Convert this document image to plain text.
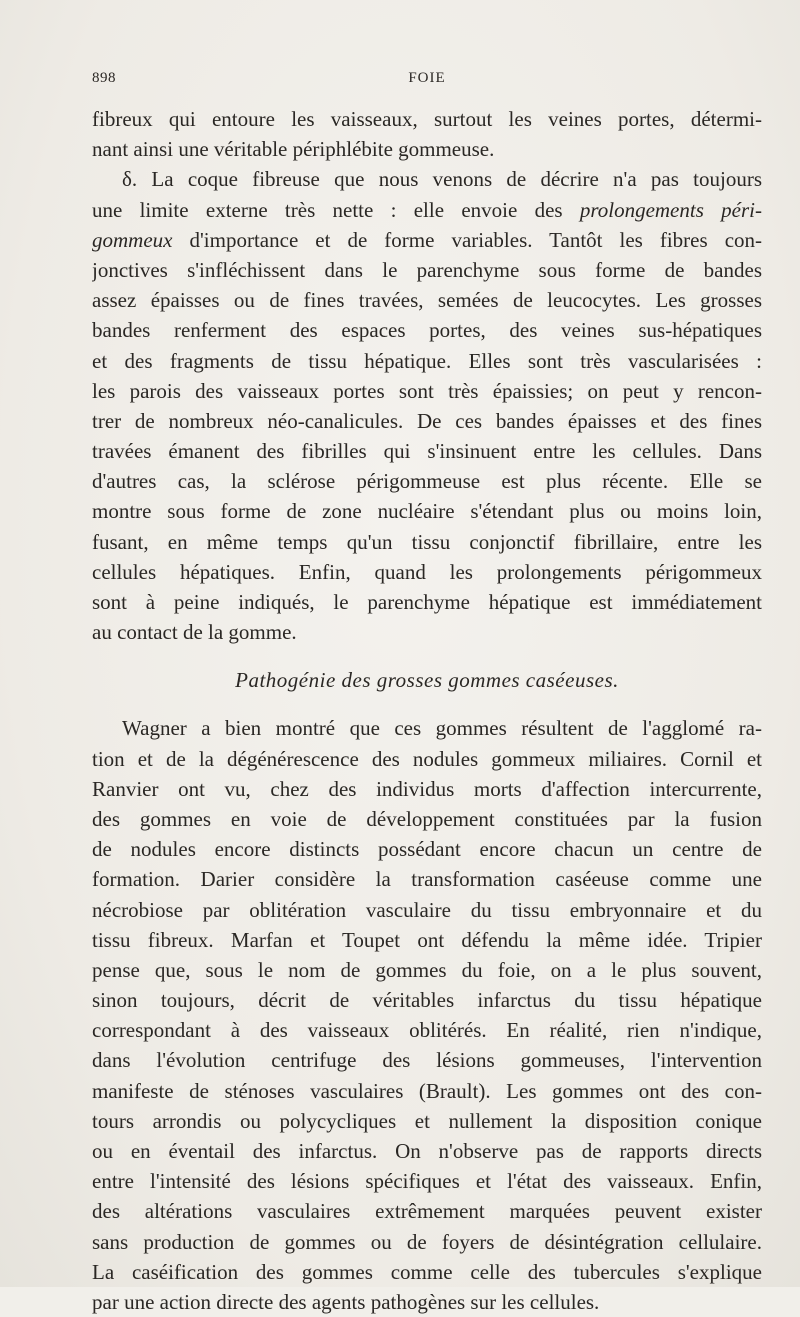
898	FOIE
fibreux qui entoure les vaisseaux, surtout les veines portes, détermi-
nant ainsi une véritable périphlébite gommeuse.
δ. La coque fibreuse que nous venons de décrire n'a pas toujours
une limite externe très nette : elle envoie des prolongements péri-
gommeux d'importance et de forme variables. Tantôt les fibres con-
jonctives s'infléchissent dans le parenchyme sous forme de bandes
assez épaisses ou de fines travées, semées de leucocytes. Les grosses
bandes renferment des espaces portes, des veines sus-hépatiques
et des fragments de tissu hépatique. Elles sont très vascularisées :
les parois des vaisseaux portes sont très épaissies; on peut y rencon-
trer de nombreux néo-canalicules. De ces bandes épaisses et des fines
travées émanent des fibrilles qui s'insinuent entre les cellules. Dans
d'autres cas, la sclérose périgommeuse est plus récente. Elle se
montre sous forme de zone nucléaire s'étendant plus ou moins loin,
fusant, en même temps qu'un tissu conjonctif fibrillaire, entre les
cellules hépatiques. Enfin, quand les prolongements périgommeux
sont à peine indiqués, le parenchyme hépatique est immédiatement
au contact de la gomme.
Pathogénie des grosses gommes caséeuses.
Wagner a bien montré que ces gommes résultent de l'agglomé ra-
tion et de la dégénérescence des nodules gommeux miliaires. Cornil et
Ranvier ont vu, chez des individus morts d'affection intercurrente,
des gommes en voie de développement constituées par la fusion
de nodules encore distincts possédant encore chacun un centre de
formation. Darier considère la transformation caséeuse comme une
nécrobiose par oblitération vasculaire du tissu embryonnaire et du
tissu fibreux. Marfan et Toupet ont défendu la même idée. Tripier
pense que, sous le nom de gommes du foie, on a le plus souvent,
sinon toujours, décrit de véritables infarctus du tissu hépatique
correspondant à des vaisseaux oblitérés. En réalité, rien n'indique,
dans l'évolution centrifuge des lésions gommeuses, l'intervention
manifeste de sténoses vasculaires (Brault). Les gommes ont des con-
tours arrondis ou polycycliques et nullement la disposition conique
ou en éventail des infarctus. On n'observe pas de rapports directs
entre l'intensité des lésions spécifiques et l'état des vaisseaux. Enfin,
des altérations vasculaires extrêmement marquées peuvent exister
sans production de gommes ou de foyers de désintégration cellulaire.
La caséification des gommes comme celle des tubercules s'explique
par une action directe des agents pathogènes sur les cellules.
